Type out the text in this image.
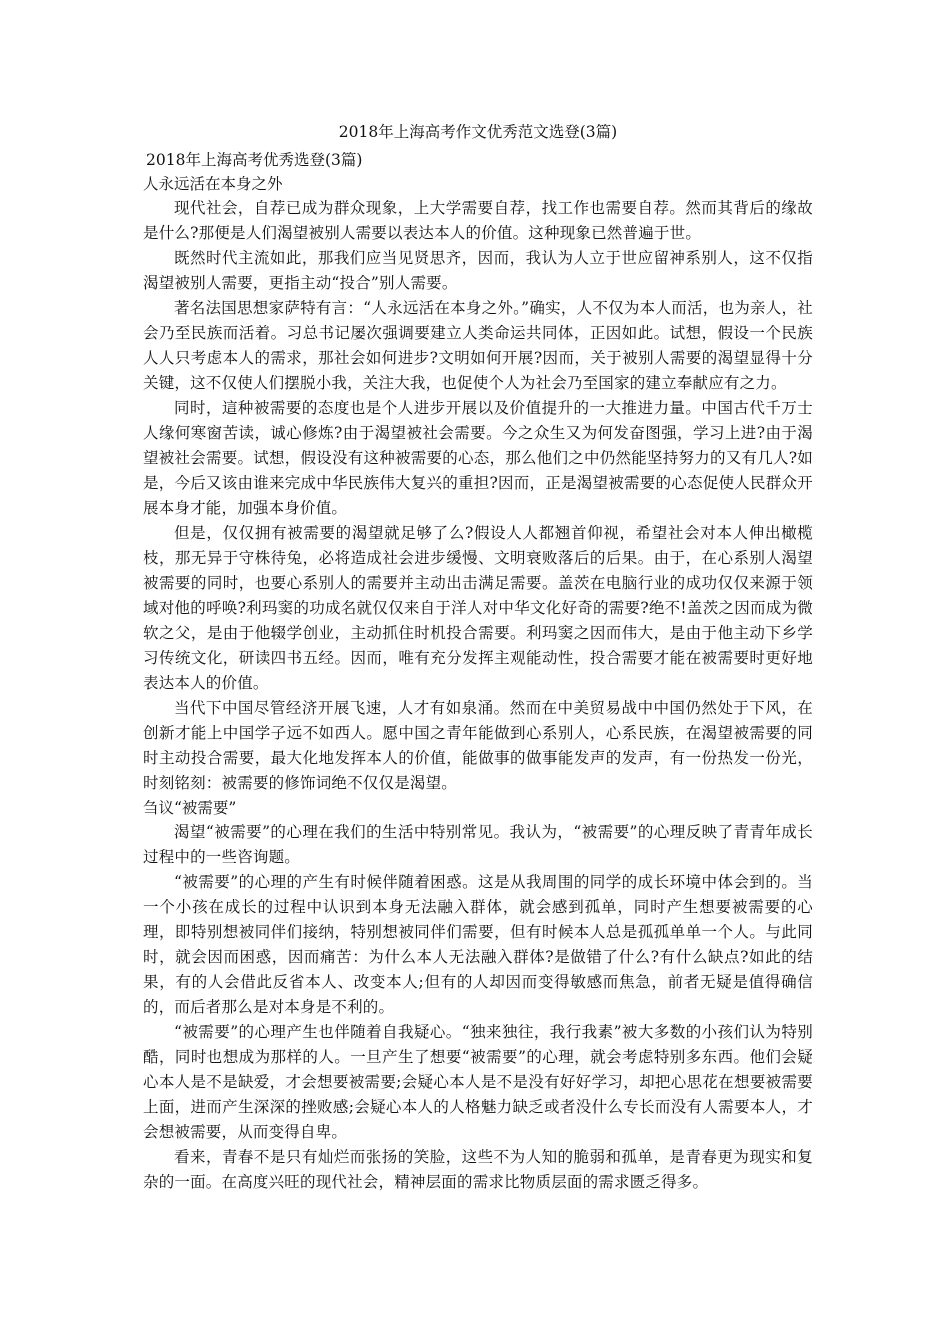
2018年上海高考作文优秀范文选登(3篇)

2018年上海高考优秀选登(3篇)

人永远活在本身之外

现代社会，自荐已成为群众现象，上大学需要自荐，找工作也需要自荐。然而其背后的缘故是什么?那便是人们渴望被别人需要以表达本人的价值。这种现象已然普遍于世。

既然时代主流如此，那我们应当见贤思齐，因而，我认为人立于世应留神系别人，这不仅指渴望被别人需要，更指主动“投合”别人需要。

著名法国思想家萨特有言：“人永远活在本身之外。”确实，人不仅为本人而活，也为亲人，社会乃至民族而活着。习总书记屡次强调要建立人类命运共同体，正因如此。试想，假设一个民族人人只考虑本人的需求，那社会如何进步?文明如何开展?因而，关于被别人需要的渴望显得十分关键，这不仅使人们摆脱小我，关注大我，也促使个人为社会乃至国家的建立奉献应有之力。

同时，這种被需要的态度也是个人进步开展以及价值提升的一大推进力量。中国古代千万士人缘何寒窗苦读，诚心修炼?由于渴望被社会需要。今之众生又为何发奋图强，学习上进?由于渴望被社会需要。试想，假设没有这种被需要的心态，那么他们之中仍然能坚持努力的又有几人?如是，今后又该由谁来完成中华民族伟大复兴的重担?因而，正是渴望被需要的心态促使人民群众开展本身才能，加强本身价值。

但是，仅仅拥有被需要的渴望就足够了么?假设人人都翘首仰视，希望社会对本人伸出橄榄枝，那无异于守株待兔，必将造成社会进步缓慢、文明衰败落后的后果。由于，在心系别人渴望被需要的同时，也要心系别人的需要并主动出击满足需要。盖茨在电脑行业的成功仅仅来源于领域对他的呼唤?利玛窦的功成名就仅仅来自于洋人对中华文化好奇的需要?绝不!盖茨之因而成为微软之父，是由于他辍学创业，主动抓住时机投合需要。利玛窦之因而伟大，是由于他主动下乡学习传统文化，研读四书五经。因而，唯有充分发挥主观能动性，投合需要才能在被需要时更好地表达本人的价值。

当代下中国尽管经济开展飞速，人才有如泉涌。然而在中美贸易战中中国仍然处于下风，在创新才能上中国学子远不如西人。愿中国之青年能做到心系别人，心系民族，在渴望被需要的同时主动投合需要，最大化地发挥本人的价值，能做事的做事能发声的发声，有一份热发一份光，时刻铭刻：被需要的修饰词绝不仅仅是渴望。

刍议“被需要”

渴望“被需要”的心理在我们的生活中特别常见。我认为，“被需要”的心理反映了青青年成长过程中的一些咨询题。

“被需要”的心理的产生有时候伴随着困惑。这是从我周围的同学的成长环境中体会到的。当一个小孩在成长的过程中认识到本身无法融入群体，就会感到孤单，同时产生想要被需要的心理，即特别想被同伴们接纳，特别想被同伴们需要，但有时候本人总是孤孤单单一个人。与此同时，就会因而困惑，因而痛苦：为什么本人无法融入群体?是做错了什么?有什么缺点?如此的结果，有的人会借此反省本人、改变本人;但有的人却因而变得敏感而焦急，前者无疑是值得确信的，而后者那么是对本身是不利的。

“被需要”的心理产生也伴随着自我疑心。“独来独往，我行我素”被大多数的小孩们认为特别酷，同时也想成为那样的人。一旦产生了想要“被需要”的心理，就会考虑特别多东西。他们会疑心本人是不是缺爱，才会想要被需要;会疑心本人是不是没有好好学习，却把心思花在想要被需要上面，进而产生深深的挫败感;会疑心本人的人格魅力缺乏或者没什么专长而没有人需要本人，才会想被需要，从而变得自卑。

看来，青春不是只有灿烂而张扬的笑脸，这些不为人知的脆弱和孤单，是青春更为现实和复杂的一面。在高度兴旺的现代社会，精神层面的需求比物质层面的需求匮乏得多。
